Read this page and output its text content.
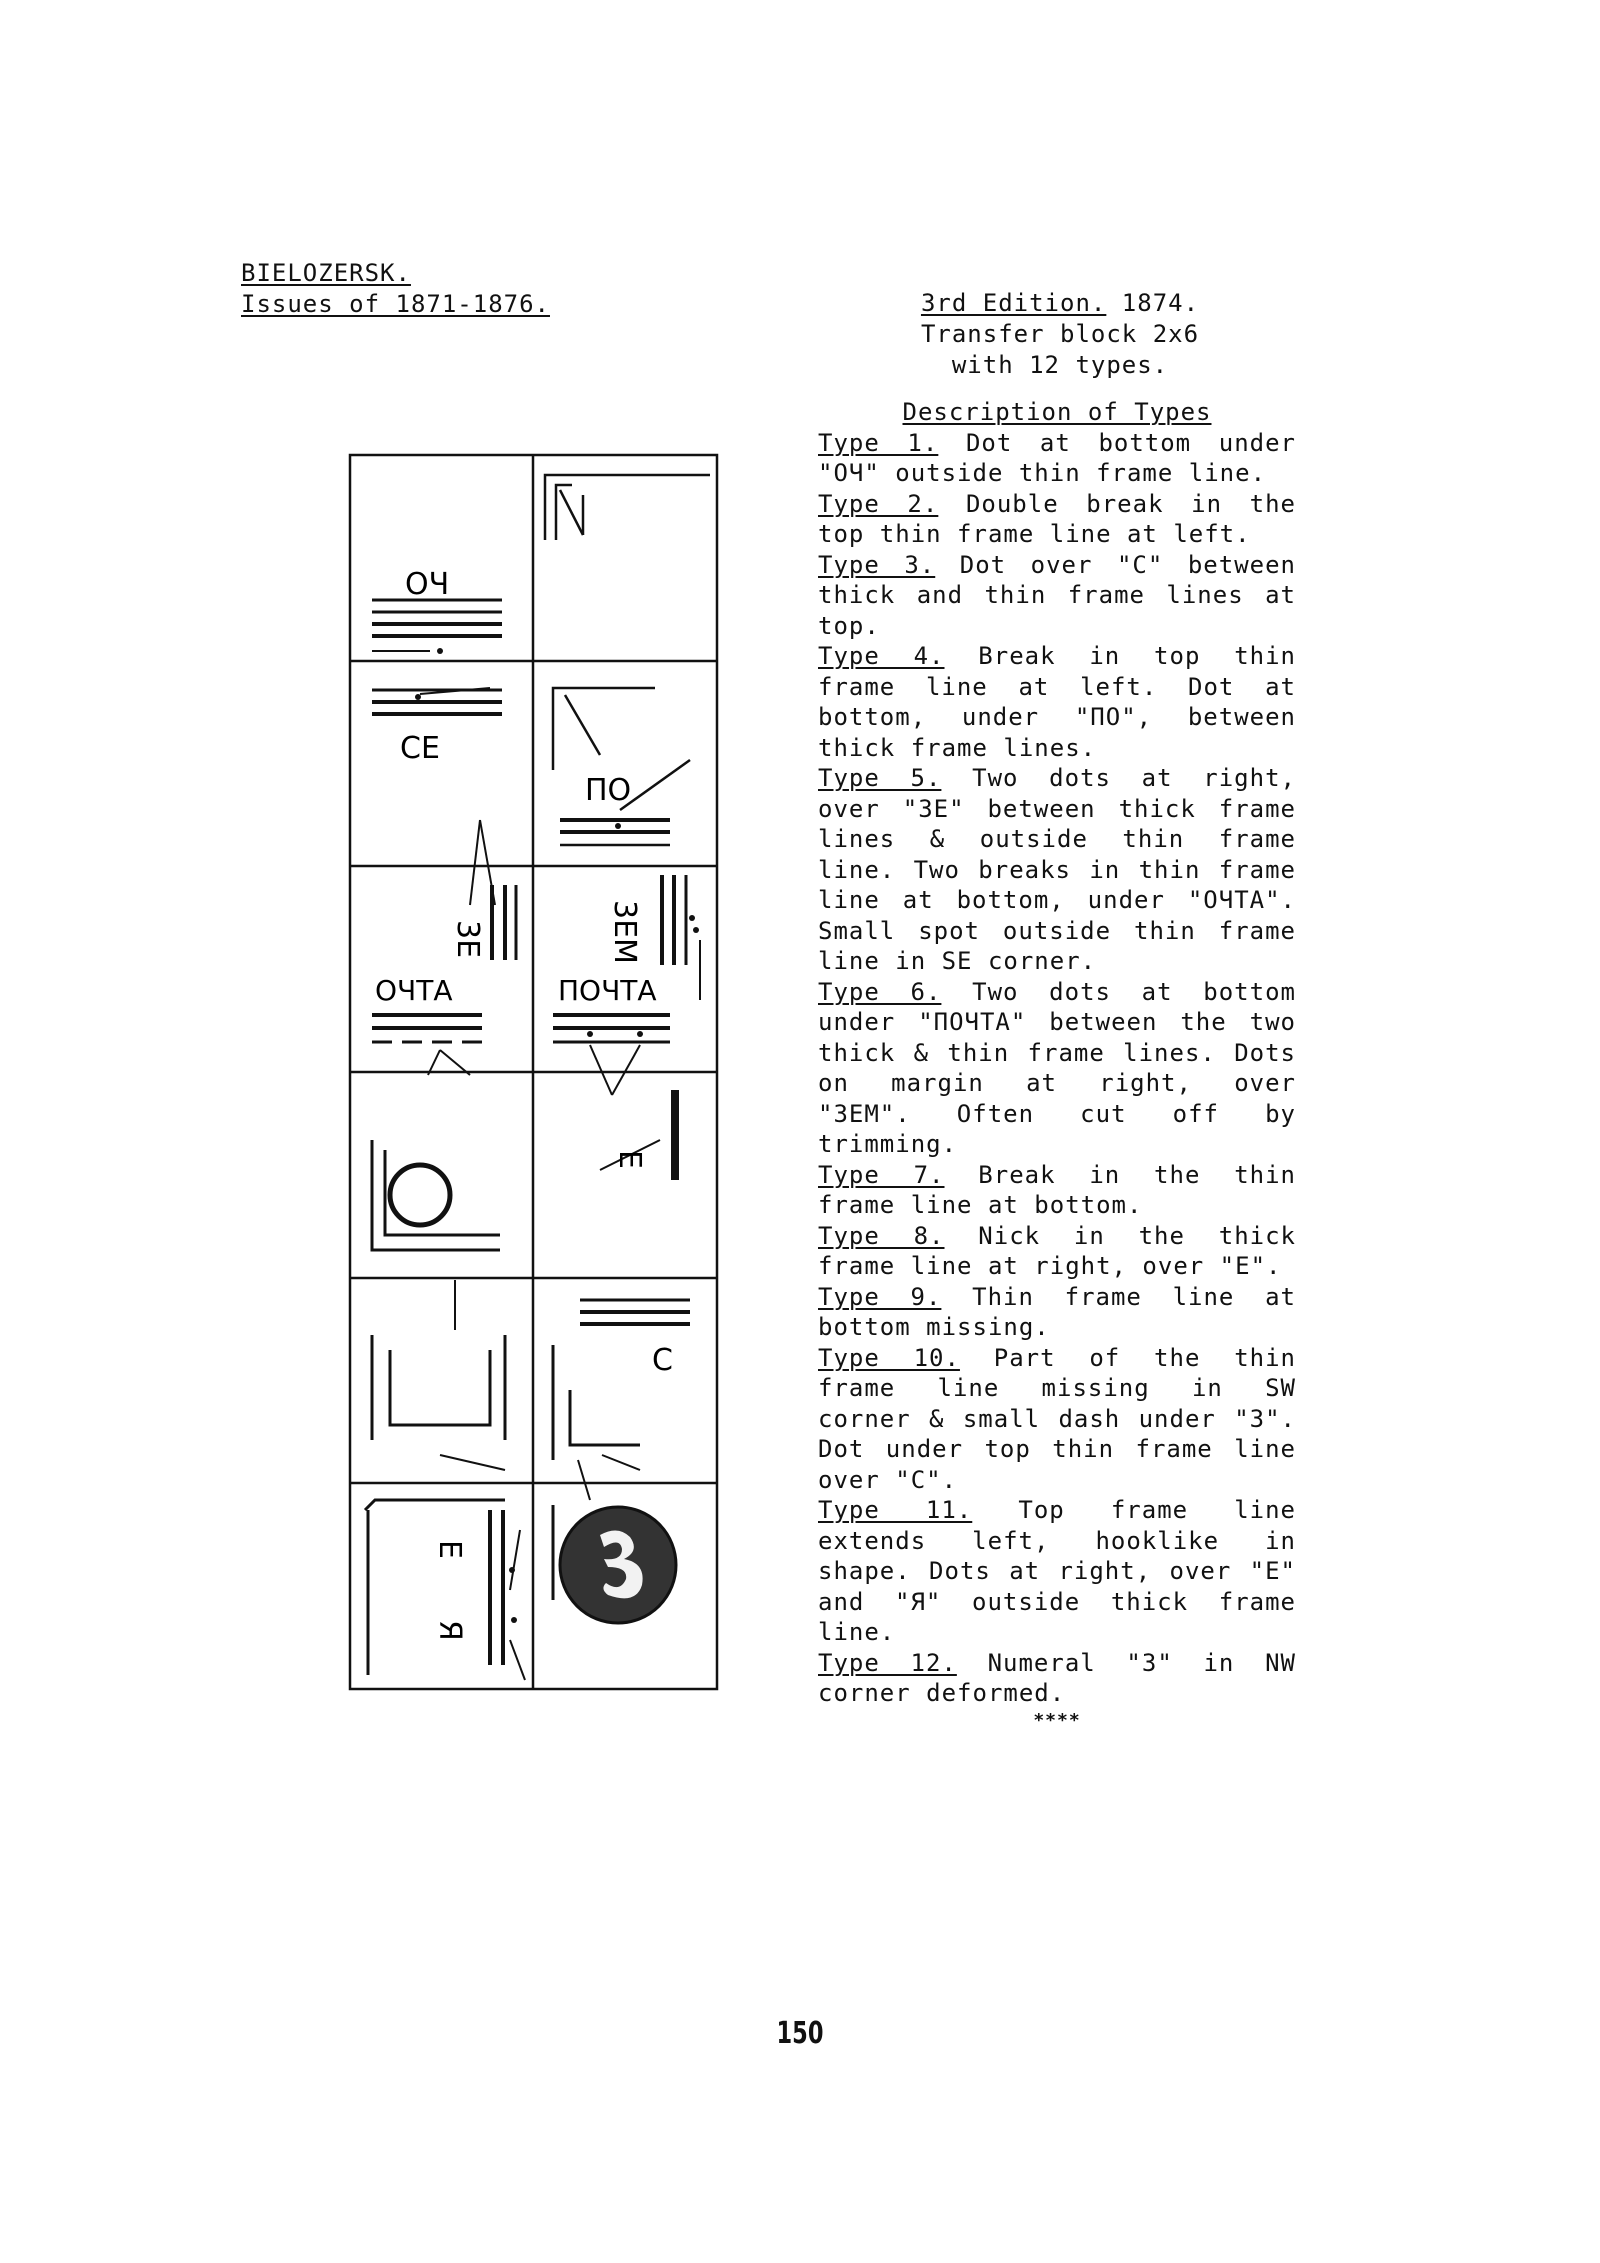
BIELOZERSK.
Issues of 1871-1876.	3rd Edition. 1874.
Transfer block 2x6
with 12 types.
Description of Types

Type 1. Dot at bottom under "ОЧ" outside thin frame line.

Type 2. Double break in the top thin frame line at left.

Type 3. Dot over "C" between thick and thin frame lines at top.

Type 4. Break in top thin frame line at left. Dot at bottom, under "ПО", between thick frame lines.

Type 5. Two dots at right, over "3E" between thick frame lines & outside thin frame line. Two breaks in thin frame line at bottom, under "ОЧТА". Small spot outside thin frame line in SE corner.

Type 6. Two dots at bottom under "ПОЧТА" between the two thick & thin frame lines. Dots on margin at right, over "3EM". Often cut off by trimming.

Type 7. Break in the thin frame line at bottom.

Type 8. Nick in the thick frame line at right, over "E".

Type 9. Thin frame line at bottom missing.

Type 10. Part of the thin frame line missing in SW corner & small dash under "3". Dot under top thin frame line over "C".

Type 11. Top frame line extends left, hooklike in shape. Dots at right, over "E" and "Я" outside thick frame line.

Type 12. Numeral "3" in NW corner deformed.

****
ОЧ
CE
ПО
3E
ОЧТА
3EM
ПОЧТА
E
C
E
Я
150
